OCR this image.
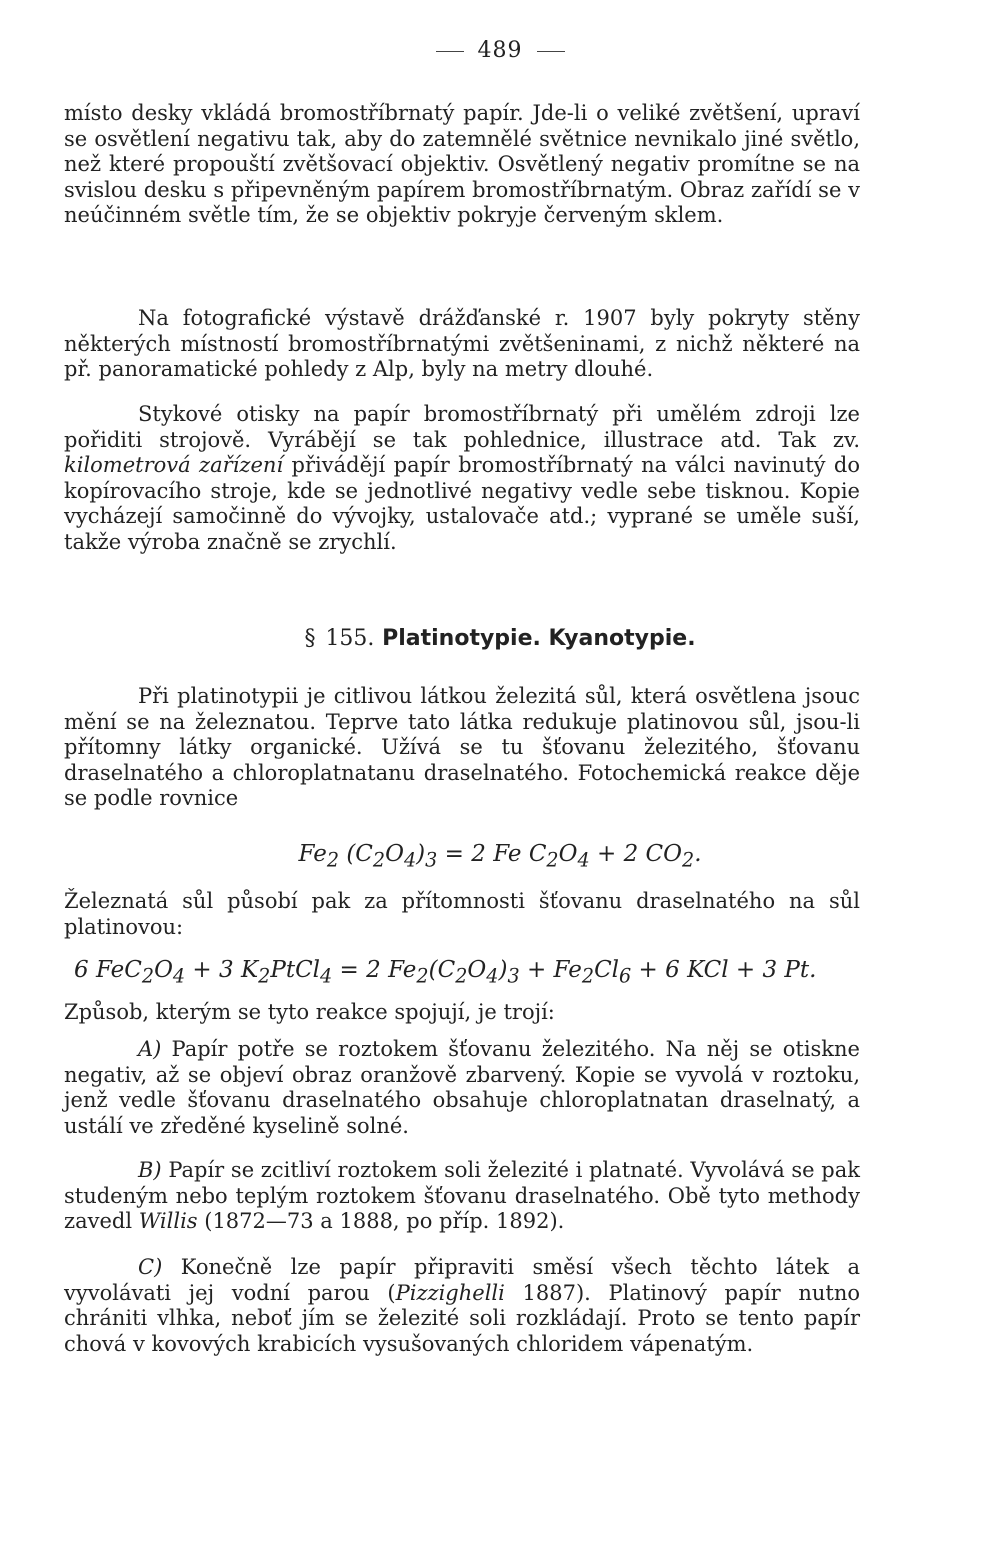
489

místo desky vkládá bromostříbrnatý papír. Jde-li o veliké zvětšení, upraví se osvětlení negativu tak, aby do zatemnělé světnice nevnikalo jiné světlo, než které propouští zvětšovací objektiv. Osvětlený negativ promítne se na svislou desku s připevněným papírem bromostříbrnatým. Obraz zařídí se v neúčinném světle tím, že se objektiv pokryje červeným sklem.

Na fotografické výstavě drážďanské r. 1907 byly pokryty stěny některých místností bromostříbrnatými zvětšeninami, z nichž některé na př. panoramatické pohledy z Alp, byly na metry dlouhé.

Stykové otisky na papír bromostříbrnatý při umělém zdroji lze pořiditi strojově. Vyrábějí se tak pohlednice, illustrace atd. Tak zv. kilometrová zařízení přivádějí papír bromostříbrnatý na válci navinutý do kopírovacího stroje, kde se jednotlivé negativy vedle sebe tisknou. Kopie vycházejí samočinně do vývojky, ustalovače atd.; vyprané se uměle suší, takže výroba značně se zrychlí.

§ 155. Platinotypie. Kyanotypie.

Při platinotypii je citlivou látkou železitá sůl, která osvětlena jsouc mění se na železnatou. Teprve tato látka redukuje platinovou sůl, jsou-li přítomny látky organické. Užívá se tu šťovanu železitého, šťovanu draselnatého a chloroplatnatanu draselnatého. Fotochemická reakce děje se podle rovnice

$Fe_2$ $(C_2O_4)_3 = 2$ Fe $C_2O_4 + 2$ $CO_2$.

Železnatá sůl působí pak za přítomnosti šťovanu draselnatého na sůl platinovou:

6 $FeC_2O_4 + 3$ $K_2PtCl_4 = 2$ $Fe_2(C_2O_4)_3 + Fe_2Cl_6 + 6$ KCl + 3 Pt.

Způsob, kterým se tyto reakce spojují, je trojí:

A) Papír potře se roztokem šťovanu železitého. Na něj se otiskne negativ, až se objeví obraz oranžově zbarvený. Kopie se vyvolá v roztoku, jenž vedle šťovanu draselnatého obsahuje chloroplatnatan draselnatý, a ustálí ve zředěné kyselině solné.

B) Papír se zcitliví roztokem soli železité i platnaté. Vyvolává se pak studeným nebo teplým roztokem šťovanu draselnatého. Obě tyto methody zavedl Willis (1872—73 a 1888, po příp. 1892).

C) Konečně lze papír připraviti směsí všech těchto látek a vyvolávati jej vodní parou (Pizzighelli 1887). Platinový papír nutno chrániti vlhka, neboť jím se železité soli rozkládají. Proto se tento papír chová v kovových krabicích vysušovaných chloridem vápenatým.
